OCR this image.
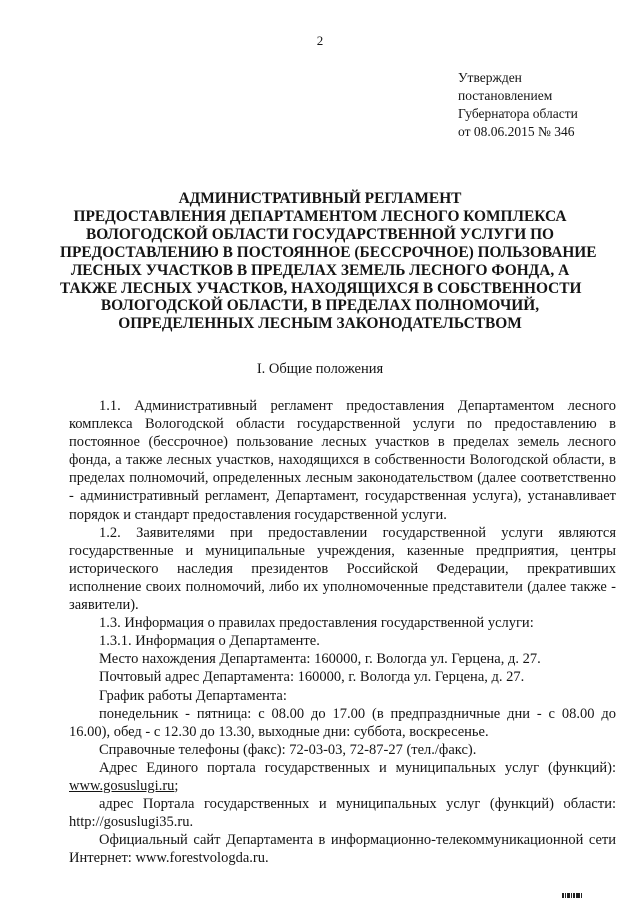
2
Утвержден
постановлением
Губернатора области
от 08.06.2015 № 346
АДМИНИСТРАТИВНЫЙ РЕГЛАМЕНТ
ПРЕДОСТАВЛЕНИЯ ДЕПАРТАМЕНТОМ ЛЕСНОГО КОМПЛЕКСА
ВОЛОГОДСКОЙ ОБЛАСТИ ГОСУДАРСТВЕННОЙ УСЛУГИ ПО
ПРЕДОСТАВЛЕНИЮ В ПОСТОЯННОЕ (БЕССРОЧНОЕ) ПОЛЬЗОВАНИЕ
ЛЕСНЫХ УЧАСТКОВ В ПРЕДЕЛАХ ЗЕМЕЛЬ ЛЕСНОГО ФОНДА, А
ТАКЖЕ ЛЕСНЫХ УЧАСТКОВ, НАХОДЯЩИХСЯ В СОБСТВЕННОСТИ
ВОЛОГОДСКОЙ ОБЛАСТИ, В ПРЕДЕЛАХ ПОЛНОМОЧИЙ,
ОПРЕДЕЛЕННЫХ ЛЕСНЫМ ЗАКОНОДАТЕЛЬСТВОМ
I. Общие положения

1.1. Административный регламент предоставления Департаментом лесного комплекса Вологодской области государственной услуги по предоставлению в постоянное (бессрочное) пользование лесных участков в пределах земель лесного фонда, а также лесных участков, находящихся в собственности Вологодской области, в пределах полномочий, определенных лесным законодательством (далее соответственно - административный регламент, Департамент, государственная услуга), устанавливает порядок и стандарт предоставления государственной услуги.

1.2. Заявителями при предоставлении государственной услуги являются государственные и муниципальные учреждения, казенные предприятия, центры исторического наследия президентов Российской Федерации, прекративших исполнение своих полномочий, либо их уполномоченные представители (далее также - заявители).

1.3. Информация о правилах предоставления государственной услуги:

1.3.1. Информация о Департаменте.

Место нахождения Департамента: 160000, г. Вологда ул. Герцена, д. 27.

Почтовый адрес Департамента: 160000, г. Вологда ул. Герцена, д. 27.

График работы Департамента:

понедельник - пятница: с 08.00 до 17.00 (в предпраздничные дни - с 08.00 до 16.00), обед - с 12.30 до 13.30, выходные дни: суббота, воскресенье.

Справочные телефоны (факс): 72-03-03, 72-87-27 (тел./факс).

Адрес Единого портала государственных и муниципальных услуг (функций): www.gosuslugi.ru;

адрес Портала государственных и муниципальных услуг (функций) области: http://gosuslugi35.ru.

Официальный сайт Департамента в информационно-телекоммуникационной сети Интернет: www.forestvologda.ru.
